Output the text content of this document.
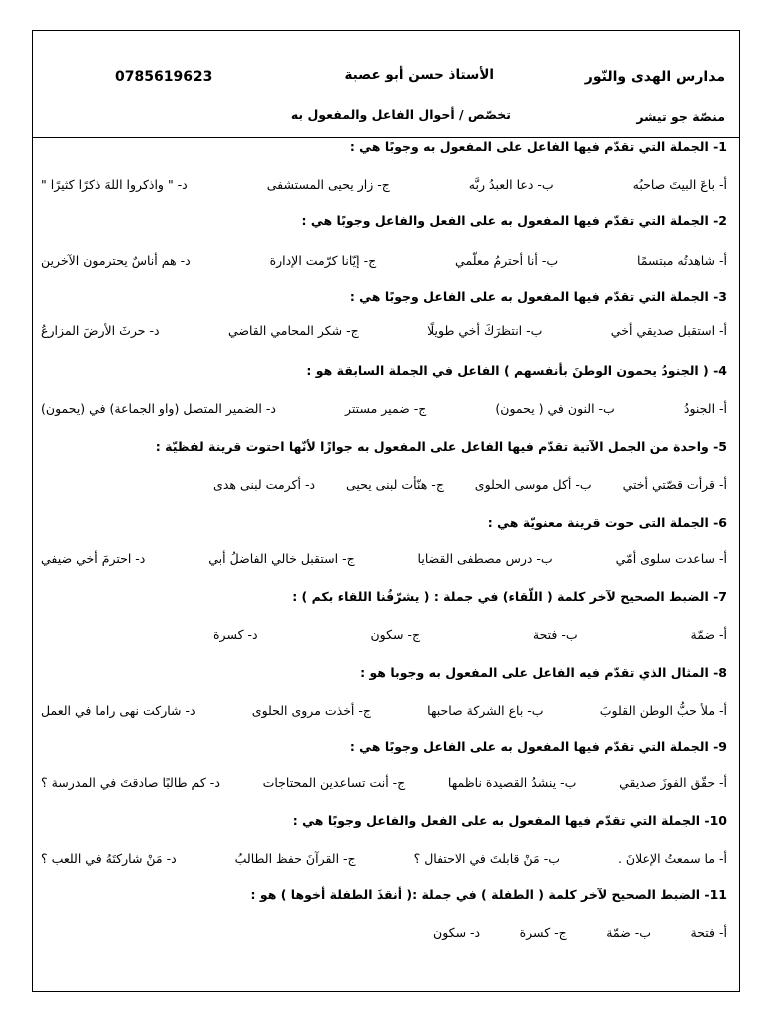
مدارس الهدى والنّور
الأستاذ حسن أبو عصبة
0785619623
منصّة جو تيشر
تخصّص / أحوال الفاعل والمفعول به
1- الجملة التي تقدّم فيها الفاعل على المفعول به وجوبًا هي :
أ- باعَ البيتَ صاحبُه
ب- دعا العبدُ ربَّه
ج- زار يحيى المستشفى
د- " واذكروا اللهَ ذكرًا كثيرًا "
2- الجملة التي تقدّم فيها المفعول به على الفعل والفاعل وجوبًا هي :
أ- شاهدتُه مبتسمًا
ب- أنا أحترمُ معلّمي
ج- إيّانا كرّمت الإدارة
د- هم أناسٌ يحترمون الآخرين
3- الجملة التي تقدّم فيها المفعول به على الفاعل وجوبًا هي :
أ- استقبل صديقي أخي
ب- انتظرَكَ أخي طويلًا
ج- شكر المحامي القاضي
د- حرثَ الأرضَ المزارعُ
4- ( الجنودُ يحمون الوطنَ بأنفسهم ) الفاعل في الجملة السابقة هو :
أ- الجنودُ
ب- النون في ( يحمون)
ج- ضمير مستتر
د- الضمير المتصل (واو الجماعة) في (يحمون)
5- واحدة من الجمل الآتية تقدّم فيها الفاعل على المفعول به جوازًا لأنّها احتوت قرينة لفظيّة :
أ- قرأت قصّتي أختي
ب- أكل موسى الحلوى
ج- هنّأت لبنى يحيى
د- أكرمت لبنى هدى
6- الجملة التى حوت قرينة معنويّة هي :
أ- ساعدت سلوى أمّي
ب- درس مصطفى القضايا
ج- استقبل خالي الفاضلُ أبي
د- احترمَ أخي ضيفي
7- الضبط الصحيح لآخر كلمة ( اللّقاء) في جملة : ( يشرّفُنا اللقاء بكم ) :
أ- ضمّة
ب- فتحة
ج- سكون
د- كسرة
8- المثال الذي تقدّم فيه الفاعل على المفعول به وجوبا هو :
أ- ملأ حبُّ الوطن القلوبَ
ب- باع الشركة صاحبها
ج- أخذت مروى الحلوى
د- شاركت نهى راما في العمل
9- الجملة التي تقدّم فيها المفعول به على الفاعل وجوبًا هي :
أ- حقّق الفوزَ صديقي
ب- ينشدُ القصيدة ناظمها
ج- أنت تساعدين المحتاجات
د- كم طالبًا صادقتَ في المدرسة ؟
10- الجملة التي تقدّم فيها المفعول به على الفعل والفاعل وجوبًا هي :
أ- ما سمعتُ الإعلانَ .
ب- مَنْ قابلتَ في الاحتفال ؟
ج- القرآنَ حفظ الطالبُ
د- مَنْ شاركتَهُ في اللعب ؟
11- الضبط الصحيح لآخر كلمة ( الطفلة ) في جملة :( أنقذَ الطفلة أخوها ) هو :
أ- فتحة
ب- ضمّة
ج- كسرة
د- سكون
